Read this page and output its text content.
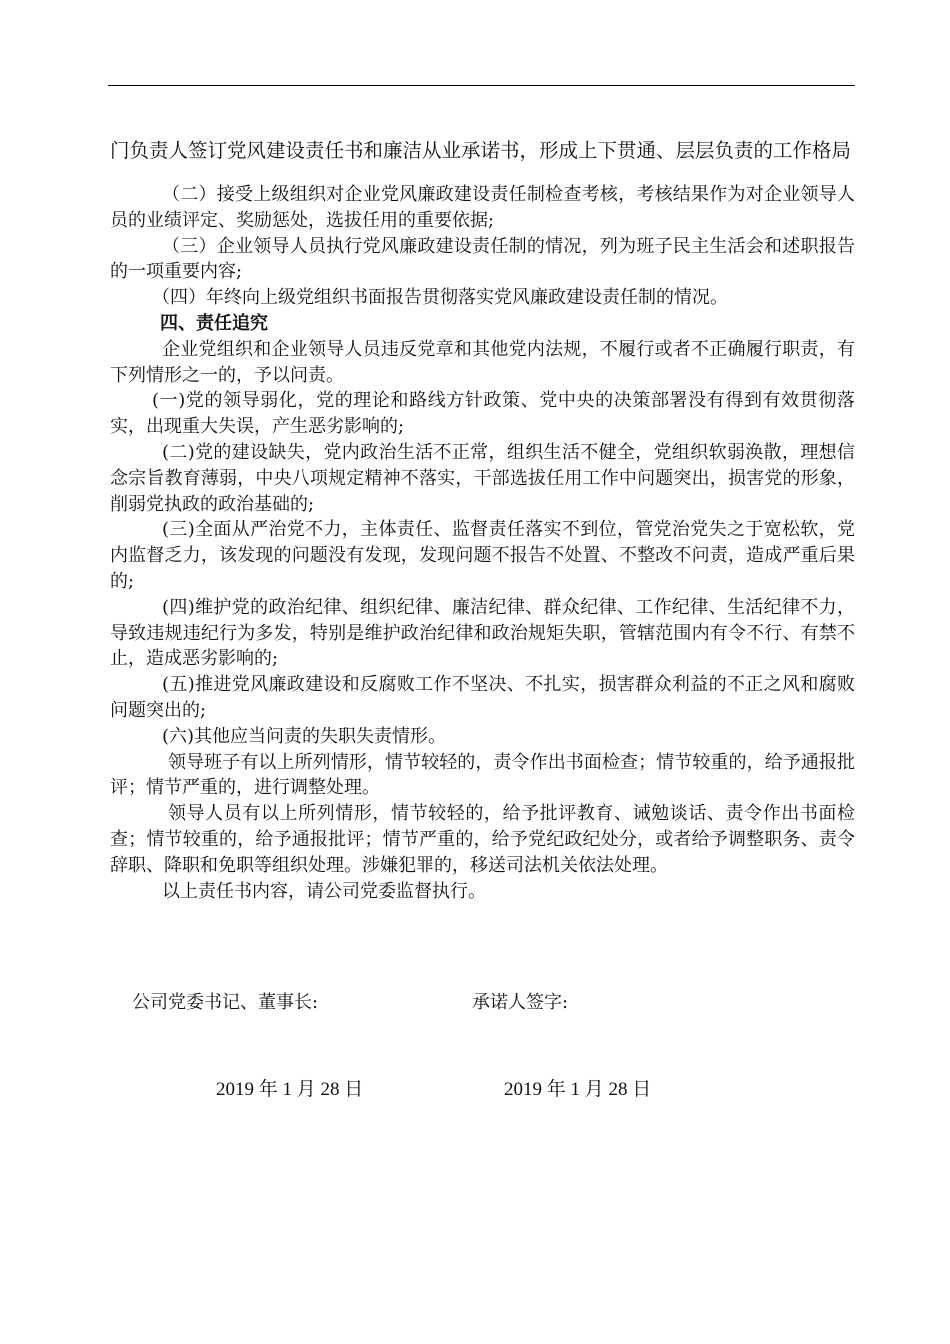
门负责人签订党风建设责任书和廉洁从业承诺书，形成上下贯通、层层负责的工作格局

（二）接受上级组织对企业党风廉政建设责任制检查考核，考核结果作为对企业领导人员的业绩评定、奖励惩处，选拔任用的重要依据;

（三）企业领导人员执行党风廉政建设责任制的情况，列为班子民主生活会和述职报告的一项重要内容;

（四）年终向上级党组织书面报告贯彻落实党风廉政建设责任制的情况。

四、责任追究

企业党组织和企业领导人员违反党章和其他党内法规，不履行或者不正确履行职责，有下列情形之一的，予以问责。

(一)党的领导弱化，党的理论和路线方针政策、党中央的决策部署没有得到有效贯彻落实，出现重大失误，产生恶劣影响的;

(二)党的建设缺失，党内政治生活不正常，组织生活不健全，党组织软弱涣散，理想信念宗旨教育薄弱，中央八项规定精神不落实，干部选拔任用工作中问题突出，损害党的形象，削弱党执政的政治基础的;

(三)全面从严治党不力，主体责任、监督责任落实不到位，管党治党失之于宽松软，党内监督乏力，该发现的问题没有发现，发现问题不报告不处置、不整改不问责，造成严重后果的;

(四)维护党的政治纪律、组织纪律、廉洁纪律、群众纪律、工作纪律、生活纪律不力，导致违规违纪行为多发，特别是维护政治纪律和政治规矩失职，管辖范围内有令不行、有禁不止，造成恶劣影响的;

(五)推进党风廉政建设和反腐败工作不坚决、不扎实，损害群众利益的不正之风和腐败问题突出的;

(六)其他应当问责的失职失责情形。

领导班子有以上所列情形，情节较轻的，责令作出书面检查；情节较重的，给予通报批评；情节严重的，进行调整处理。

领导人员有以上所列情形，情节较轻的，给予批评教育、诫勉谈话、责令作出书面检查；情节较重的，给予通报批评；情节严重的，给予党纪政纪处分，或者给予调整职务、责令辞职、降职和免职等组织处理。涉嫌犯罪的，移送司法机关依法处理。

以上责任书内容，请公司党委监督执行。

公司党委书记、董事长:	承诺人签字:
2019 年 1 月 28 日	2019 年 1 月 28 日
